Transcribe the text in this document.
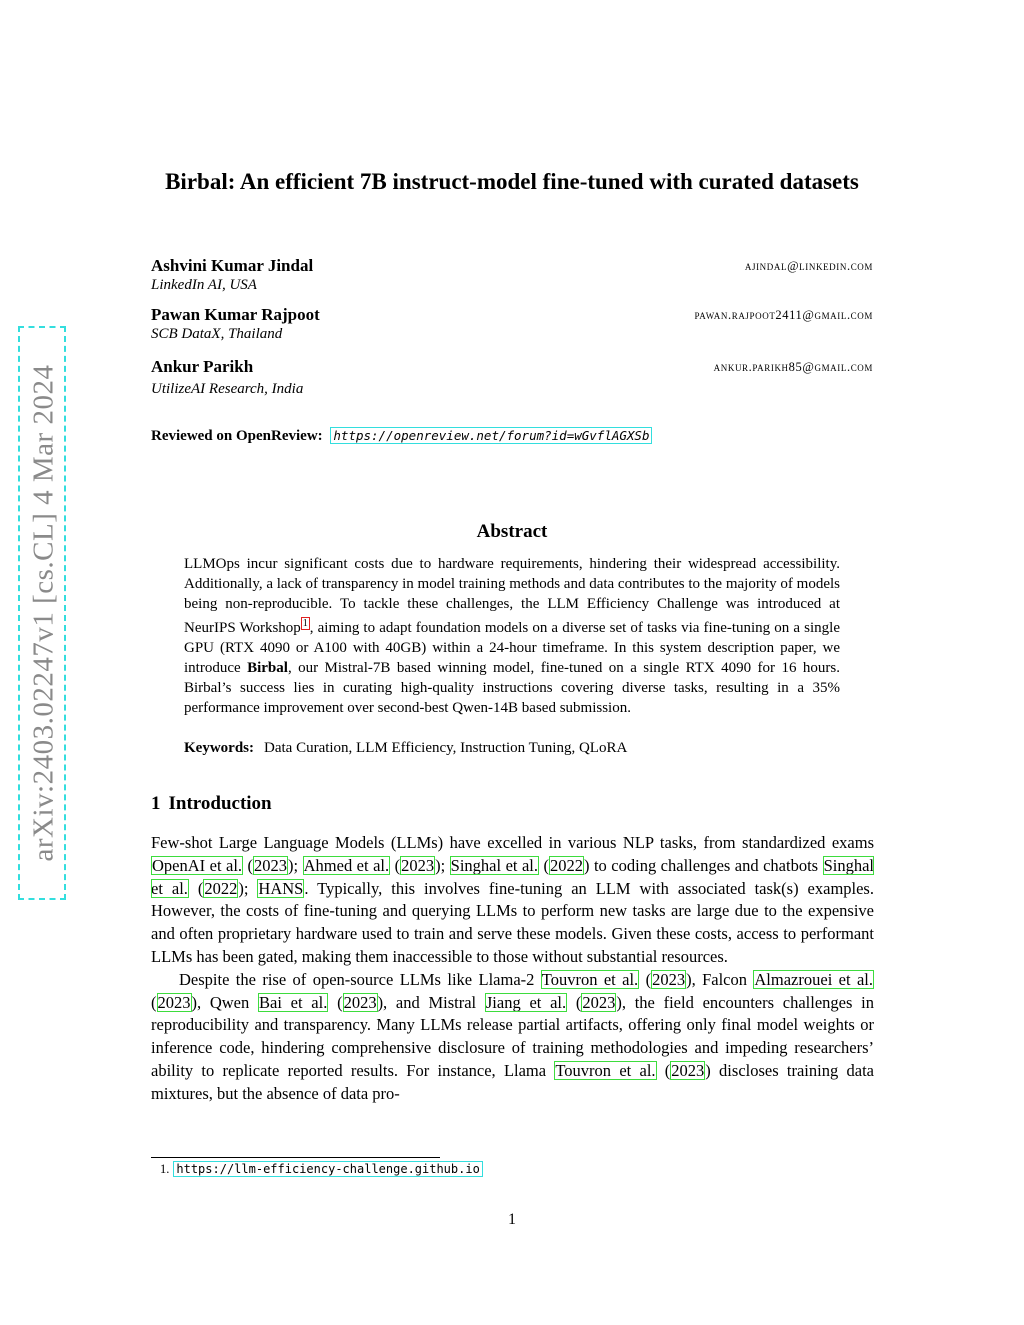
arXiv:2403.02247v1 [cs.CL] 4 Mar 2024
Birbal: An efficient 7B instruct-model fine-tuned with curated datasets
Ashvini Kumar Jindal	ajindal@linkedin.com
LinkedIn AI, USA
Pawan Kumar Rajpoot	pawan.rajpoot2411@gmail.com
SCB DataX, Thailand
Ankur Parikh	ankur.parikh85@gmail.com
UtilizeAI Research, India
Reviewed on OpenReview: https://openreview.net/forum?id=wGvflAGXSb
Abstract
LLMOps incur significant costs due to hardware requirements, hindering their widespread accessibility. Additionally, a lack of transparency in model training methods and data contributes to the majority of models being non-reproducible. To tackle these challenges, the LLM Efficiency Challenge was introduced at NeurIPS Workshop $^1$ , aiming to adapt foundation models on a diverse set of tasks via fine-tuning on a single GPU (RTX 4090 or A100 with 40GB) within a 24-hour timeframe. In this system description paper, we introduce Birbal, our Mistral-7B based winning model, fine-tuned on a single RTX 4090 for 16 hours. Birbal’s success lies in curating high-quality instructions covering diverse tasks, resulting in a 35% performance improvement over second-best Qwen-14B based submission.
Keywords: Data Curation, LLM Efficiency, Instruction Tuning, QLoRA
1 Introduction

Few-shot Large Language Models (LLMs) have excelled in various NLP tasks, from standardized exams OpenAI et al. (2023); Ahmed et al. (2023); Singhal et al. (2022) to coding challenges and chatbots Singhal et al. (2022); HANS. Typically, this involves fine-tuning an LLM with associated task(s) examples. However, the costs of fine-tuning and querying LLMs to perform new tasks are large due to the expensive and often proprietary hardware used to train and serve these models. Given these costs, access to performant LLMs has been gated, making them inaccessible to those without substantial resources.

Despite the rise of open-source LLMs like Llama-2 Touvron et al. (2023), Falcon Almazrouei et al. (2023), Qwen Bai et al. (2023), and Mistral Jiang et al. (2023), the field encounters challenges in reproducibility and transparency. Many LLMs release partial artifacts, offering only final model weights or inference code, hindering comprehensive disclosure of training methodologies and impeding researchers’ ability to replicate reported results. For instance, Llama Touvron et al. (2023) discloses training data mixtures, but the absence of data pro-

1. https://llm-efficiency-challenge.github.io
1
